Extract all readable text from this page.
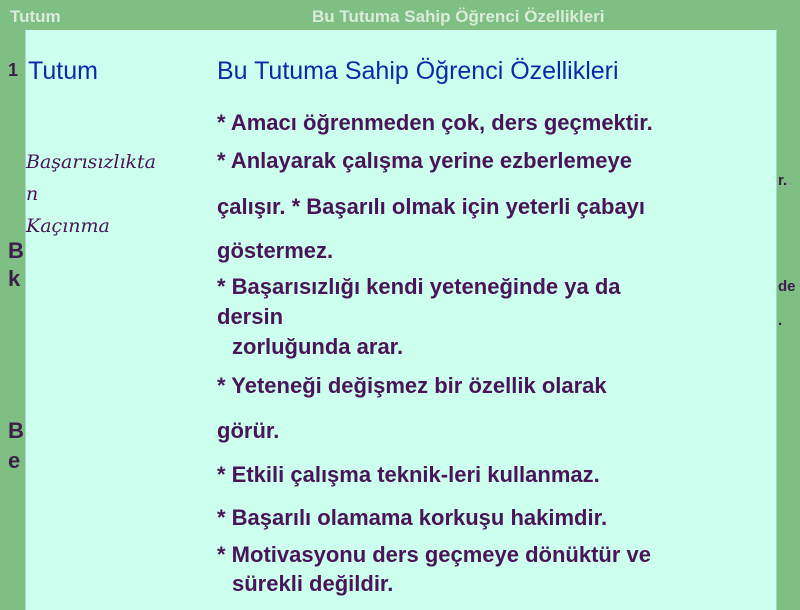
Tutum	Bu Tutuma Sahip Öğrenci Özellikleri
1
B
k
B
e
r.
de
.
Tutum	Bu Tutuma Sahip Öğrenci Özellikleri
Başarısızlıkta
n
Kaçınma
* Amacı öğrenmeden çok, ders geçmektir.
* Anlayarak çalışma yerine ezberlemeye
çalışır. * Başarılı olmak için yeterli çabayı
göstermez.
* Başarısızlığı kendi yeteneğinde ya da
dersin
zorluğunda arar.
* Yeteneği değişmez bir özellik olarak
görür.
* Etkili çalışma teknik-leri kullanmaz.
* Başarılı olamama korkuşu hakimdir.
* Motivasyonu ders geçmeye dönüktür ve
sürekli değildir.
